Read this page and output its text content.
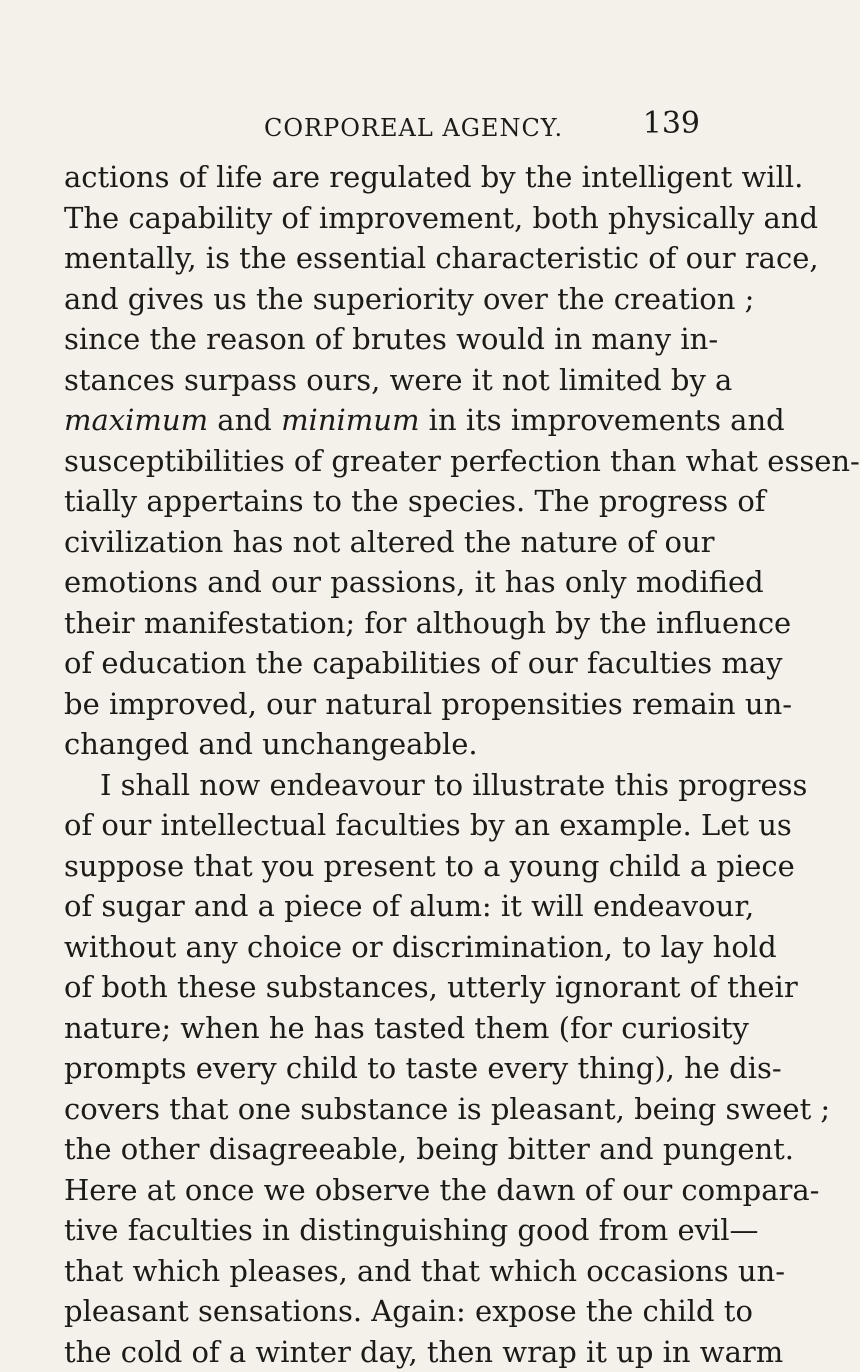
CORPOREAL AGENCY.	139
actions of life are regulated by the intelligent will.
The capability of improvement, both physically and
mentally, is the essential characteristic of our race,
and gives us the superiority over the creation ;
since the reason of brutes would in many in-
stances surpass ours, were it not limited by a
maximum and minimum in its improvements and
susceptibilities of greater perfection than what essen-
tially appertains to the species. The progress of
civilization has not altered the nature of our
emotions and our passions, it has only modified
their manifestation; for although by the influence
of education the capabilities of our faculties may
be improved, our natural propensities remain un-
changed and unchangeable.
I shall now endeavour to illustrate this progress
of our intellectual faculties by an example. Let us
suppose that you present to a young child a piece
of sugar and a piece of alum: it will endeavour,
without any choice or discrimination, to lay hold
of both these substances, utterly ignorant of their
nature; when he has tasted them (for curiosity
prompts every child to taste every thing), he dis-
covers that one substance is pleasant, being sweet ;
the other disagreeable, being bitter and pungent.
Here at once we observe the dawn of our compara-
tive faculties in distinguishing good from evil—
that which pleases, and that which occasions un-
pleasant sensations. Again: expose the child to
the cold of a winter day, then wrap it up in warm
